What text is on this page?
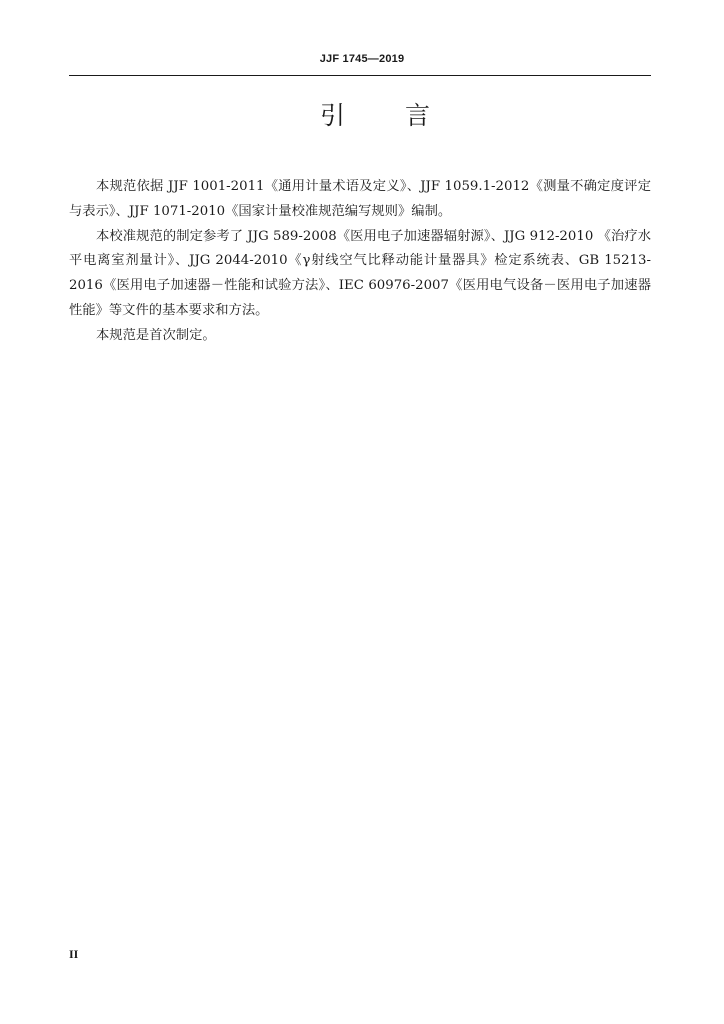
JJF 1745—2019
引 言

本规范依据 JJF 1001-2011《通用计量术语及定义》、JJF 1059.1-2012《测量不确定度评定与表示》、JJF 1071-2010《国家计量校准规范编写规则》编制。

本校准规范的制定参考了 JJG 589-2008《医用电子加速器辐射源》、JJG 912-2010 《治疗水平电离室剂量计》、JJG 2044-2010《γ射线空气比释动能计量器具》检定系统表、GB 15213-2016《医用电子加速器－性能和试验方法》、IEC 60976-2007《医用电气设备－医用电子加速器性能》等文件的基本要求和方法。

本规范是首次制定。

II
